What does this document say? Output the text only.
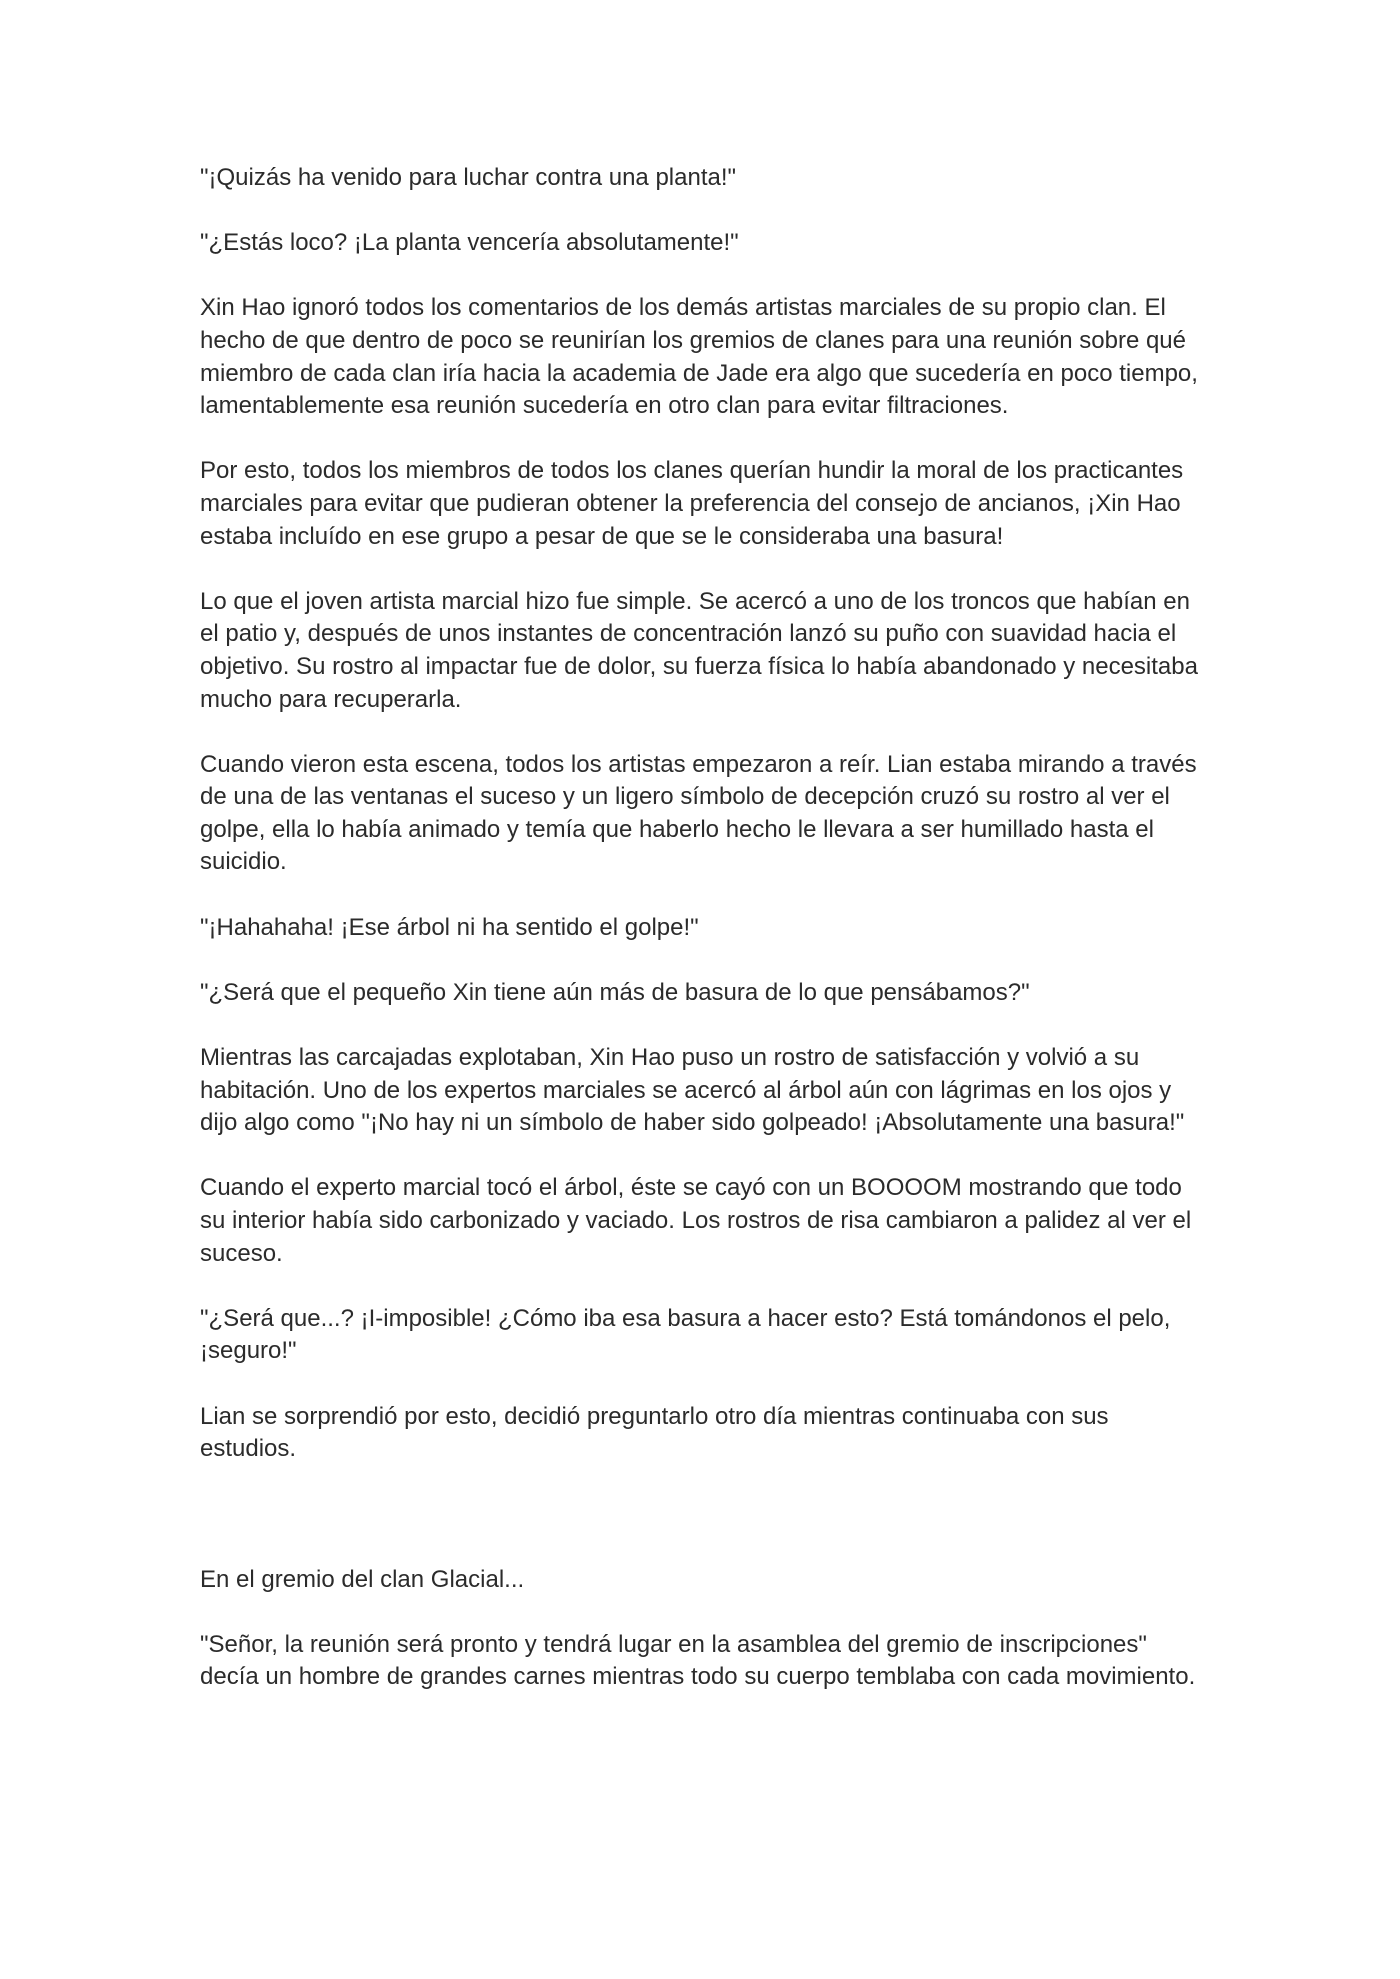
"¡Quizás ha venido para luchar contra una planta!"

"¿Estás loco? ¡La planta vencería absolutamente!"

Xin Hao ignoró todos los comentarios de los demás artistas marciales de su propio clan. El hecho de que dentro de poco se reunirían los gremios de clanes para una reunión sobre qué miembro de cada clan iría hacia la academia de Jade era algo que sucedería en poco tiempo, lamentablemente esa reunión sucedería en otro clan para evitar filtraciones.

Por esto, todos los miembros de todos los clanes querían hundir la moral de los practicantes marciales para evitar que pudieran obtener la preferencia del consejo de ancianos, ¡Xin Hao estaba incluído en ese grupo a pesar de que se le consideraba una basura!

Lo que el joven artista marcial hizo fue simple. Se acercó a uno de los troncos que habían en el patio y, después de unos instantes de concentración lanzó su puño con suavidad hacia el objetivo. Su rostro al impactar fue de dolor, su fuerza física lo había abandonado y necesitaba mucho para recuperarla.

Cuando vieron esta escena, todos los artistas empezaron a reír. Lian estaba mirando a través de una de las ventanas el suceso y un ligero símbolo de decepción cruzó su rostro al ver el golpe, ella lo había animado y temía que haberlo hecho le llevara a ser humillado hasta el suicidio.

"¡Hahahaha! ¡Ese árbol ni ha sentido el golpe!"

"¿Será que el pequeño Xin tiene aún más de basura de lo que pensábamos?"

Mientras las carcajadas explotaban, Xin Hao puso un rostro de satisfacción y volvió a su habitación. Uno de los expertos marciales se acercó al árbol aún con lágrimas en los ojos y dijo algo como "¡No hay ni un símbolo de haber sido golpeado! ¡Absolutamente una basura!"

Cuando el experto marcial tocó el árbol, éste se cayó con un BOOOOM mostrando que todo su interior había sido carbonizado y vaciado. Los rostros de risa cambiaron a palidez al ver el suceso.

"¿Será que...? ¡I-imposible! ¿Cómo iba esa basura a hacer esto? Está tomándonos el pelo, ¡seguro!"

Lian se sorprendió por esto, decidió preguntarlo otro día mientras continuaba con sus estudios.

En el gremio del clan Glacial...

"Señor, la reunión será pronto y tendrá lugar en la asamblea del gremio de inscripciones" decía un hombre de grandes carnes mientras todo su cuerpo temblaba con cada movimiento.
